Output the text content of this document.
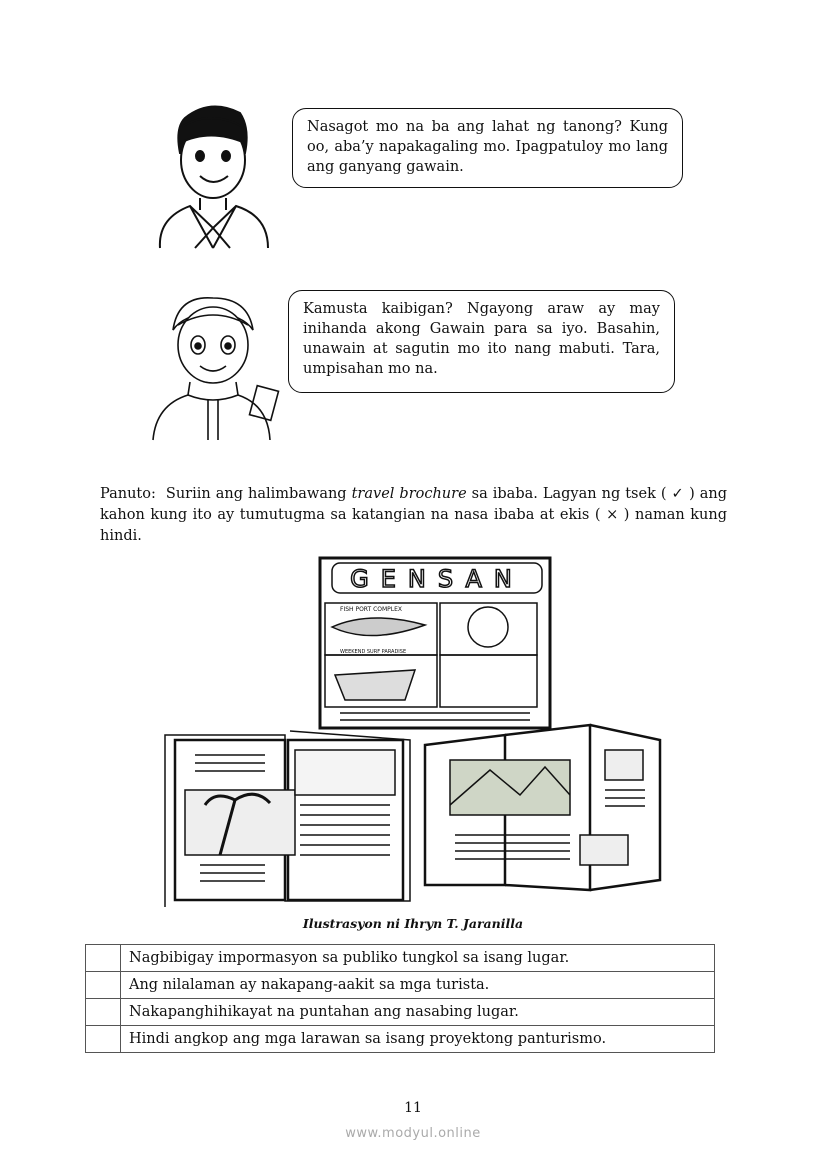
Nasagot mo na ba ang lahat ng tanong? Kung oo, aba’y napakagaling mo. Ipagpatuloy mo lang ang ganyang gawain.
Kamusta kaibigan? Ngayong araw ay may inihanda akong Gawain para sa iyo. Basahin, unawain at sagutin mo ito nang mabuti. Tara, umpisahan mo na.
Panuto: Suriin ang halimbawang travel brochure sa ibaba. Lagyan ng tsek ( ✓ ) ang kahon kung ito ay tumutugma sa katangian na nasa ibaba at ekis ( × ) naman kung hindi.
GENSAN
FISH PORT COMPLEX
WEEKEND SURF PARADISE
Ilustrasyon ni Ihryn T. Jaranilla
	Nagbibigay impormasyon sa publiko tungkol sa isang lugar.
	Ang nilalaman ay nakapang-aakit sa mga turista.
	Nakapanghihikayat na puntahan ang nasabing lugar.
	Hindi angkop ang mga larawan sa isang proyektong panturismo.
11
www.modyul.online
